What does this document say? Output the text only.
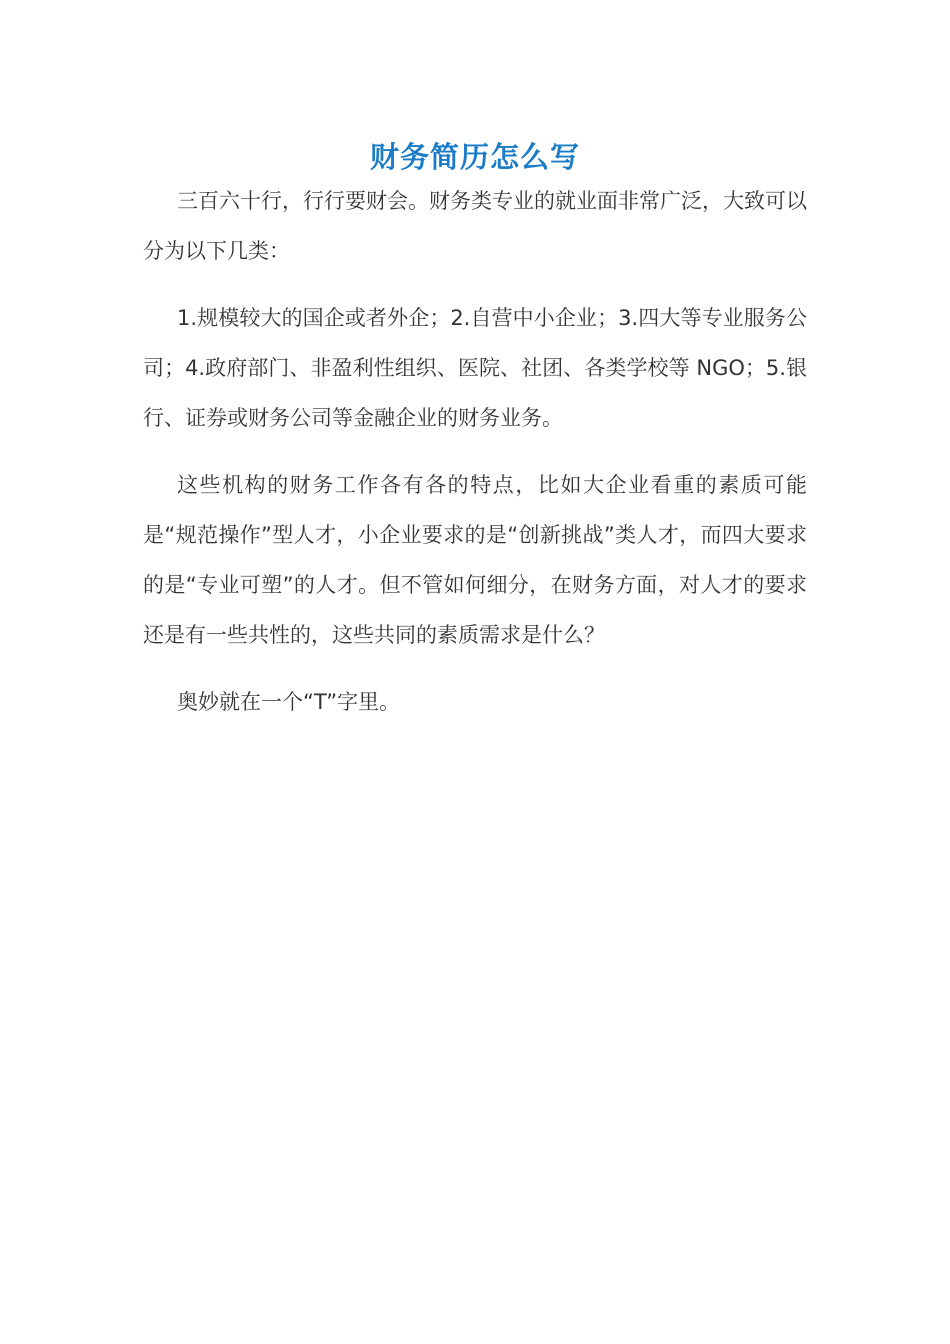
财务简历怎么写

三百六十行，行行要财会。财务类专业的就业面非常广泛，大致可以分为以下几类：

1.规模较大的国企或者外企；2.自营中小企业；3.四大等专业服务公司；4.政府部门、非盈利性组织、医院、社团、各类学校等 NGO；5.银行、证券或财务公司等金融企业的财务业务。

这些机构的财务工作各有各的特点，比如大企业看重的素质可能是“规范操作”型人才，小企业要求的是“创新挑战”类人才，而四大要求的是“专业可塑”的人才。但不管如何细分，在财务方面，对人才的要求还是有一些共性的，这些共同的素质需求是什么？

奥妙就在一个“T”字里。
